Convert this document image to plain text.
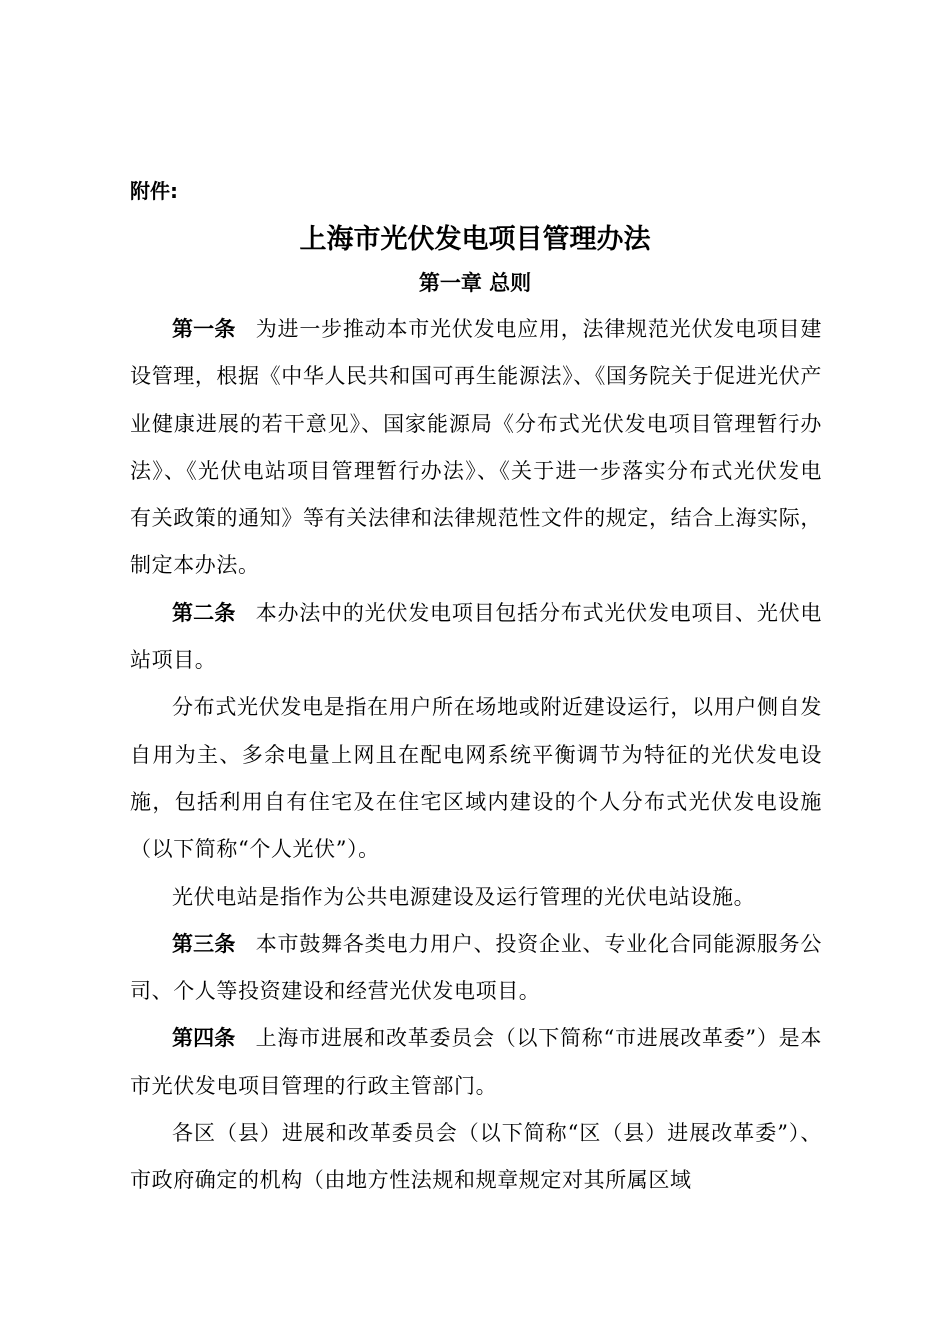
附件:

上海市光伏发电项目管理办法
第一章 总则

第一条 为进一步推动本市光伏发电应用，法律规范光伏发电项目建设管理，根据《中华人民共和国可再生能源法》、《国务院关于促进光伏产业健康进展的若干意见》、国家能源局《分布式光伏发电项目管理暂行办法》、《光伏电站项目管理暂行办法》、《关于进一步落实分布式光伏发电有关政策的通知》等有关法律和法律规范性文件的规定，结合上海实际，制定本办法。

第二条 本办法中的光伏发电项目包括分布式光伏发电项目、光伏电站项目。

分布式光伏发电是指在用户所在场地或附近建设运行，以用户侧自发自用为主、多余电量上网且在配电网系统平衡调节为特征的光伏发电设施，包括利用自有住宅及在住宅区域内建设的个人分布式光伏发电设施（以下简称“个人光伏”）。

光伏电站是指作为公共电源建设及运行管理的光伏电站设施。

第三条 本市鼓舞各类电力用户、投资企业、专业化合同能源服务公司、个人等投资建设和经营光伏发电项目。

第四条 上海市进展和改革委员会（以下简称“市进展改革委”）是本市光伏发电项目管理的行政主管部门。

各区（县）进展和改革委员会（以下简称“区（县）进展改革委”）、市政府确定的机构（由地方性法规和规章规定对其所属区域
